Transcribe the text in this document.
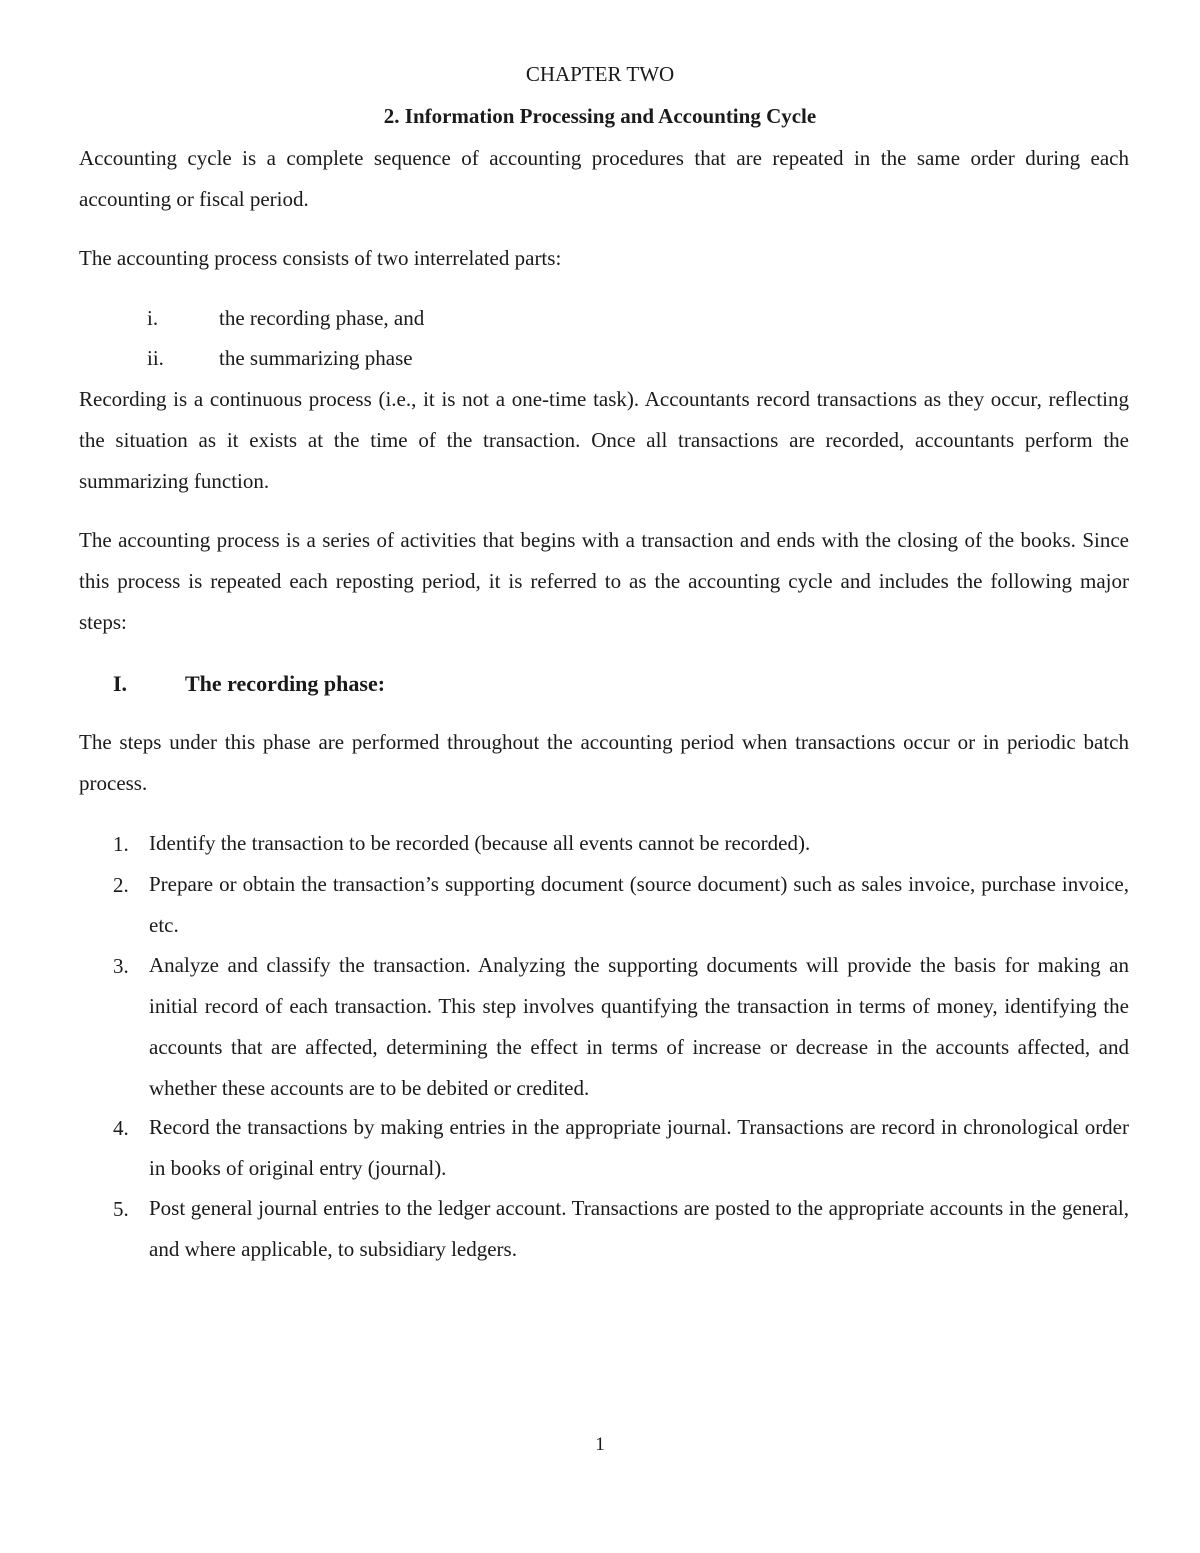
CHAPTER TWO
2. Information Processing and Accounting Cycle
Accounting cycle is a complete sequence of accounting procedures that are repeated in the same order during each accounting or fiscal period.
The accounting process consists of two interrelated parts:
i.	the recording phase, and
ii.	the summarizing phase
Recording is a continuous process (i.e., it is not a one-time task). Accountants record transactions as they occur, reflecting the situation as it exists at the time of the transaction. Once all transactions are recorded, accountants perform the summarizing function.
The accounting process is a series of activities that begins with a transaction and ends with the closing of the books. Since this process is repeated each reposting period, it is referred to as the accounting cycle and includes the following major steps:
I.	The recording phase:
The steps under this phase are performed throughout the accounting period when transactions occur or in periodic batch process.
1. Identify the transaction to be recorded (because all events cannot be recorded).
2. Prepare or obtain the transaction’s supporting document (source document) such as sales invoice, purchase invoice, etc.
3. Analyze and classify the transaction. Analyzing the supporting documents will provide the basis for making an initial record of each transaction. This step involves quantifying the transaction in terms of money, identifying the accounts that are affected, determining the effect in terms of increase or decrease in the accounts affected, and whether these accounts are to be debited or credited.
4. Record the transactions by making entries in the appropriate journal. Transactions are record in chronological order in books of original entry (journal).
5. Post general journal entries to the ledger account. Transactions are posted to the appropriate accounts in the general, and where applicable, to subsidiary ledgers.
1
